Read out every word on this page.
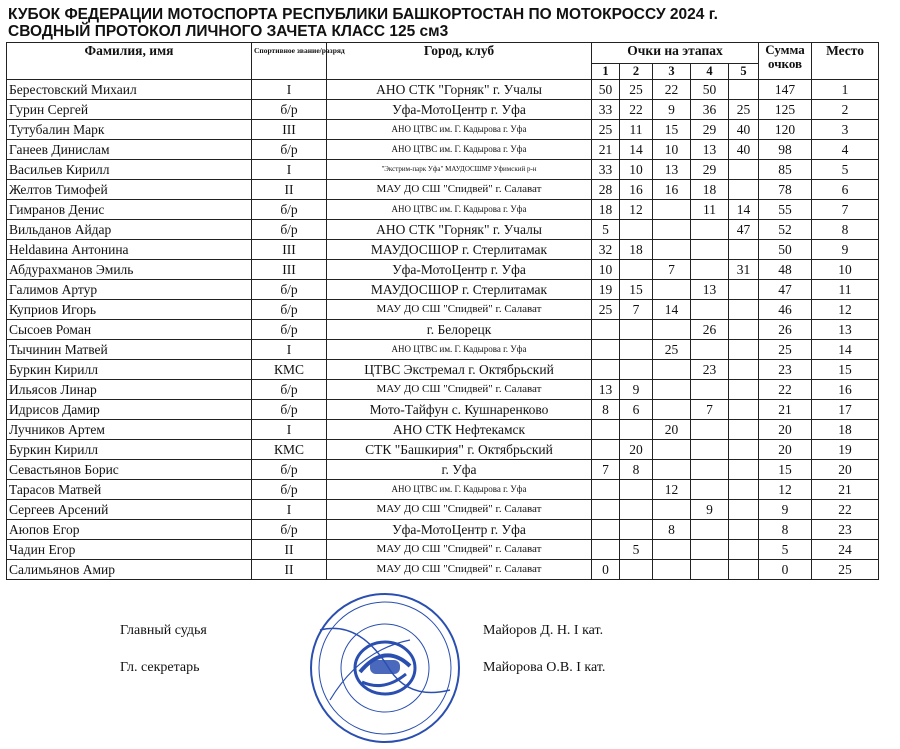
КУБОК ФЕДЕРАЦИИ МОТОСПОРТА РЕСПУБЛИКИ БАШКОРТОСТАН ПО МОТОКРОССУ 2024 г.
СВОДНЫЙ ПРОТОКОЛ ЛИЧНОГО ЗАЧЕТА КЛАСС 125 см3
Фамилия, имя	Спортивное звание/разряд	Город, клуб	Очки на этапах					Сумма очков	Место
			1	2	3	4	5		
Берестовский Михаил	I	АНО СТК "Горняк" г. Учалы	50	25	22	50		147	1
Гурин Сергей	б/р	Уфа-МотоЦентр г. Уфа	33	22	9	36	25	125	2
Тутубалин Марк	III	АНО ЦТВС им. Г. Кадырова г. Уфа	25	11	15	29	40	120	3
Ганеев Динислам	б/р	АНО ЦТВС им. Г. Кадырова г. Уфа	21	14	10	13	40	98	4
Васильев Кирилл	I	"Экстрим-парк Уфа" МАУДОСШМР Уфимский р-н	33	10	13	29		85	5
Желтов Тимофей	II	МАУ ДО СШ "Спидвей" г. Салават	28	16	16	18		78	6
Гимранов Денис	б/р	АНО ЦТВС им. Г. Кадырова г. Уфа	18	12		11	14	55	7
Вильданов Айдар	б/р	АНО СТК "Горняк" г. Учалы	5				47	52	8
Неldавина Антонина	III	МАУДОСШОР г. Стерлитамак	32	18				50	9
Абдурахманов Эмиль	III	Уфа-МотоЦентр г. Уфа	10		7		31	48	10
Галимов Артур	б/р	МАУДОСШОР г. Стерлитамак	19	15		13		47	11
Куприов Игорь	б/р	МАУ ДО СШ "Спидвей" г. Салават	25	7	14			46	12
Сысоев Роман	б/р	г. Белорецк				26		26	13
Тычинин Матвей	I	АНО ЦТВС им. Г. Кадырова г. Уфа			25			25	14
Буркин Кирилл	КМС	ЦТВС Экстремал г. Октябрьский				23		23	15
Ильясов Линар	б/р	МАУ ДО СШ "Спидвей" г. Салават	13	9				22	16
Идрисов Дамир	б/р	Мото-Тайфун с. Кушнаренково	8	6		7		21	17
Лучников Артем	I	АНО СТК Нефтекамск			20			20	18
Буркин Кирилл	КМС	СТК "Башкирия" г. Октябрьский		20				20	19
Севастьянов Борис	б/р	г. Уфа	7	8				15	20
Тарасов Матвей	б/р	АНО ЦТВС им. Г. Кадырова г. Уфа			12			12	21
Сергеев Арсений	I	МАУ ДО СШ "Спидвей" г. Салават				9		9	22
Аюпов Егор	б/р	Уфа-МотоЦентр г. Уфа			8			8	23
Чадин Егор	II	МАУ ДО СШ "Спидвей" г. Салават		5				5	24
Салимьянов Амир	II	МАУ ДО СШ "Спидвей" г. Салават	0					0	25
Главный судья	Майоров Д. Н. I кат.
Гл. секретарь	Майорова О.В. I кат.
